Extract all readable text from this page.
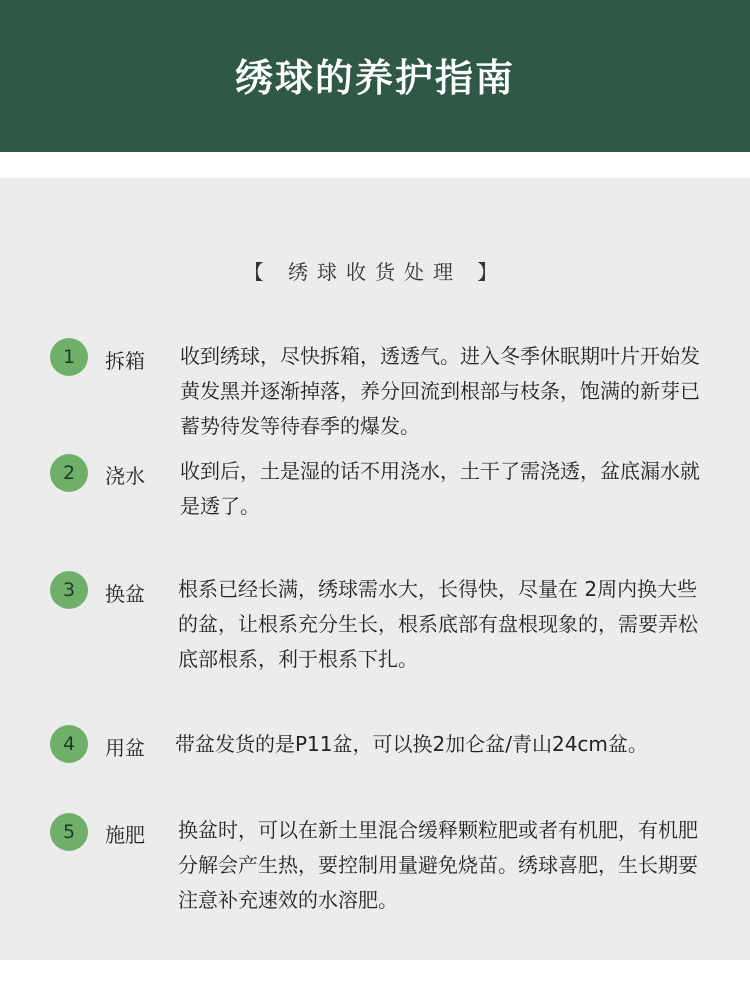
绣球的养护指南
【 绣球收货处理 】
1	拆箱 收到绣球，尽快拆箱，透透气。进入冬季休眠期叶片开始发黄发黑并逐渐掉落，养分回流到根部与枝条，饱满的新芽已蓄势待发等待春季的爆发。
2	浇水 收到后，土是湿的话不用浇水，土干了需浇透，盆底漏水就是透了。
3	换盆 根系已经长满，绣球需水大，长得快，尽量在 2周内换大些的盆，让根系充分生长，根系底部有盘根现象的，需要弄松底部根系，利于根系下扎。
4	用盆 带盆发货的是P11盆，可以换2加仑盆/青山24cm盆。
5	施肥 换盆时，可以在新土里混合缓释颗粒肥或者有机肥，有机肥分解会产生热，要控制用量避免烧苗。绣球喜肥，生长期要注意补充速效的水溶肥。
